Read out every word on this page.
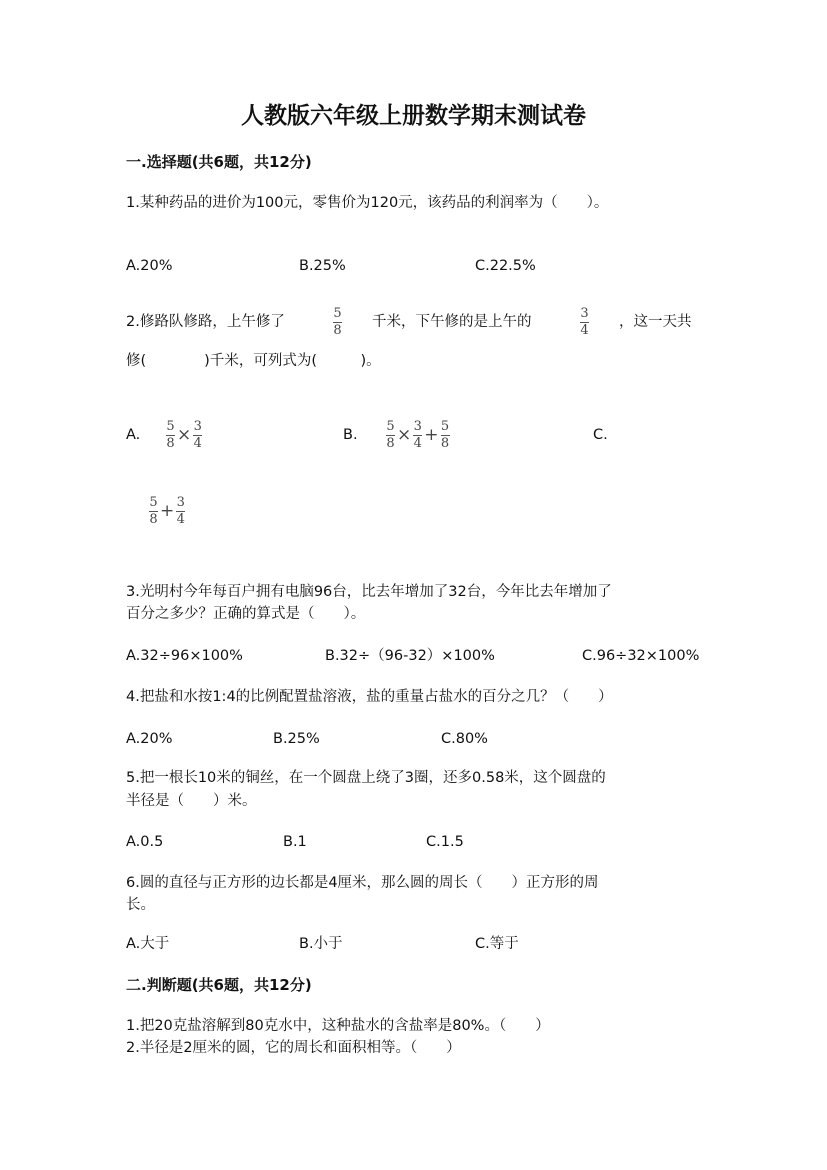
人教版六年级上册数学期末测试卷
一.选择题(共6题，共12分)
1.某种药品的进价为100元，零售价为120元，该药品的利润率为（　　）。
A.20%	B.25%	C.22.5%
2.修路队修路，上午修了
5
8
千米，下午修的是上午的
3
4
，这一天共
修(　　　　)千米，可列式为(　　　)。
A. $\frac{5}{8} \times \frac{3}{4}$	B. $\frac{5}{8} \times \frac{3}{4} + \frac{5}{8}$	C.
$\frac{5}{8} + \frac{3}{4}$
3.光明村今年每百户拥有电脑96台，比去年增加了32台，今年比去年增加了
百分之多少？正确的算式是（　　）。
A.32÷96×100%	B.32÷（96-32）×100%	C.96÷32×100%
4.把盐和水按1:4的比例配置盐溶液，盐的重量占盐水的百分之几？（　　）
A.20%	B.25%	C.80%
5.把一根长10米的铜丝，在一个圆盘上绕了3圈，还多0.58米，这个圆盘的
半径是（　　）米。
A.0.5	B.1	C.1.5
6.圆的直径与正方形的边长都是4厘米，那么圆的周长（　　）正方形的周
长。
A.大于	B.小于	C.等于
二.判断题(共6题，共12分)
1.把20克盐溶解到80克水中，这种盐水的含盐率是80%。（　　）
2.半径是2厘米的圆，它的周长和面积相等。（　　）
